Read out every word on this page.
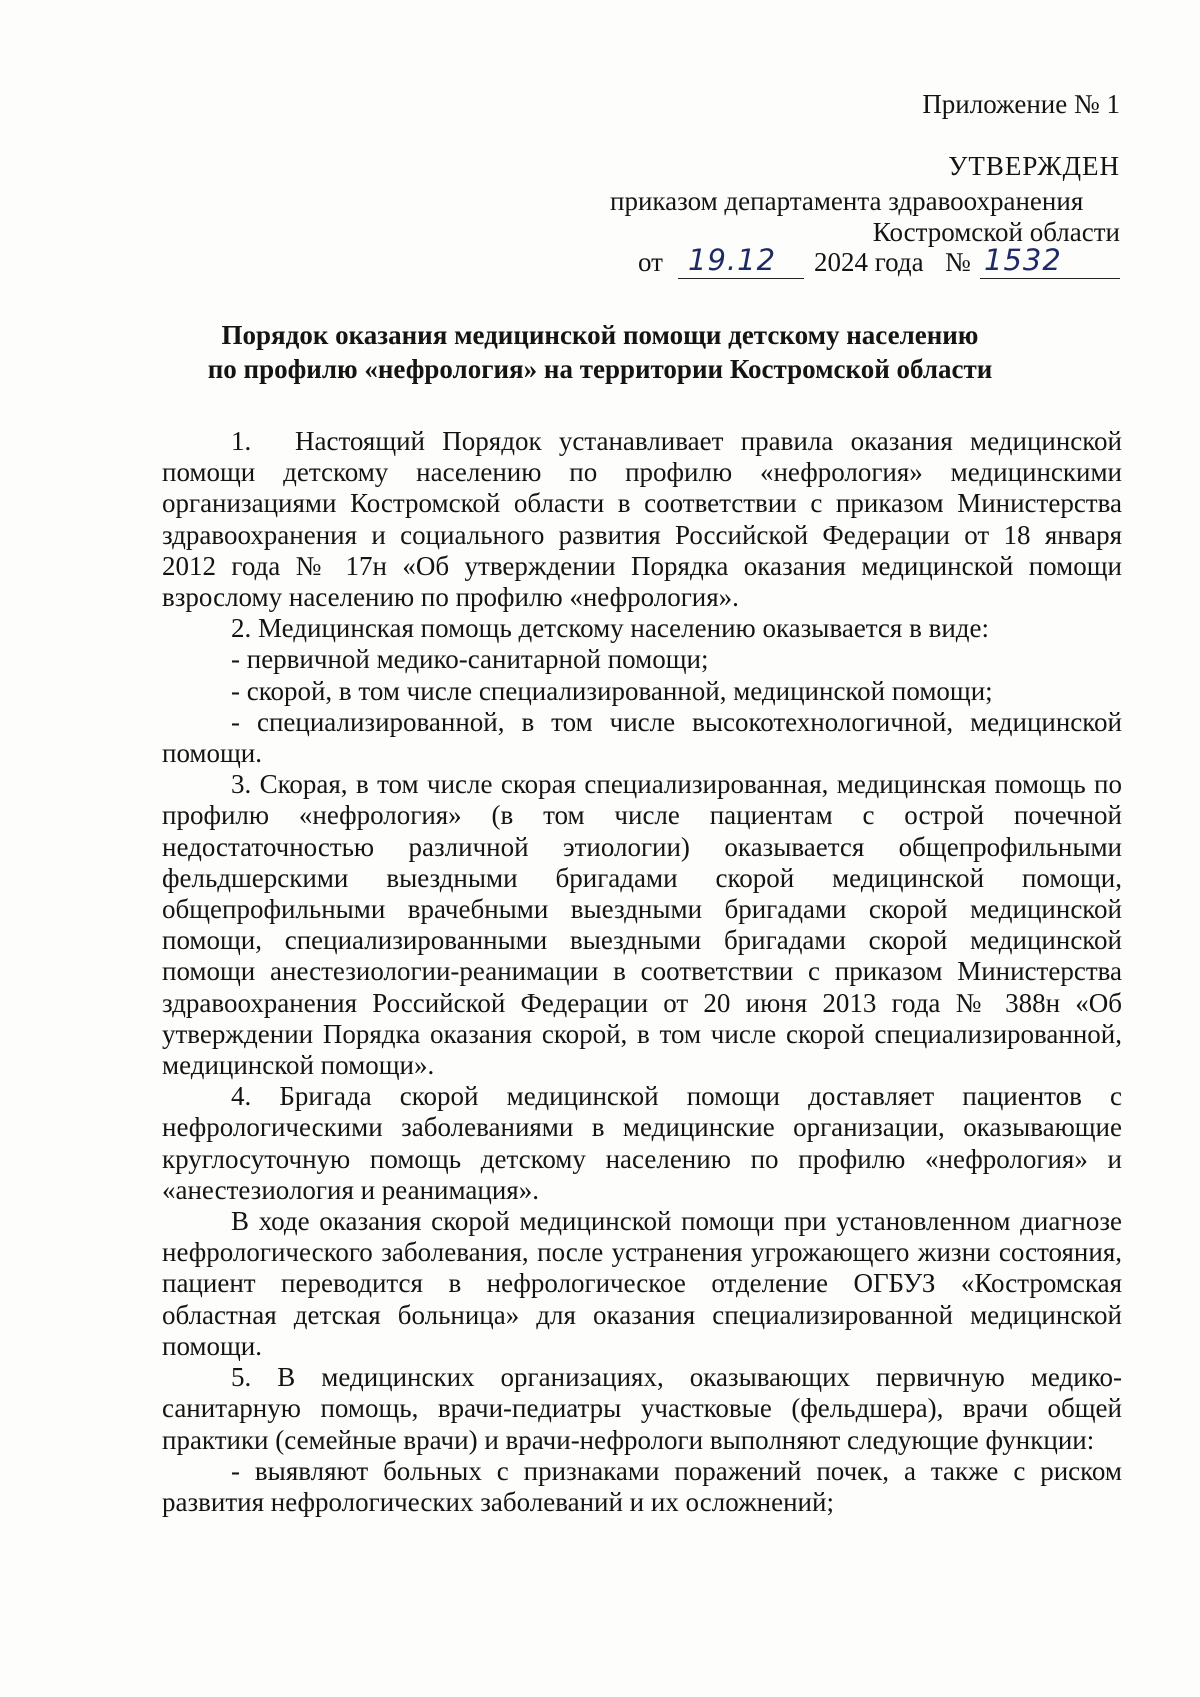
Приложение № 1
УТВЕРЖДЕН
приказом департамента здравоохранения
Костромской области
от 19.12 2024 года № 1532
Порядок оказания медицинской помощи детскому населению
по профилю «нефрология» на территории Костромской области

1. Настоящий Порядок устанавливает правила оказания медицинской помощи детскому населению по профилю «нефрология» медицинскими организациями Костромской области в соответствии с приказом Министерства здравоохранения и социального развития Российской Федерации от 18 января 2012 года № 17н «Об утверждении Порядка оказания медицинской помощи взрослому населению по профилю «нефрология».

2. Медицинская помощь детскому населению оказывается в виде:

- первичной медико-санитарной помощи;

- скорой, в том числе специализированной, медицинской помощи;

- специализированной, в том числе высокотехнологичной, медицинской помощи.

3. Скорая, в том числе скорая специализированная, медицинская помощь по профилю «нефрология» (в том числе пациентам с острой почечной недостаточностью различной этиологии) оказывается общепрофильными фельдшерскими выездными бригадами скорой медицинской помощи, общепрофильными врачебными выездными бригадами скорой медицинской помощи, специализированными выездными бригадами скорой медицинской помощи анестезиологии-реанимации в соответствии с приказом Министерства здравоохранения Российской Федерации от 20 июня 2013 года № 388н «Об утверждении Порядка оказания скорой, в том числе скорой специализированной, медицинской помощи».

4. Бригада скорой медицинской помощи доставляет пациентов с нефрологическими заболеваниями в медицинские организации, оказывающие круглосуточную помощь детскому населению по профилю «нефрология» и «анестезиология и реанимация».

В ходе оказания скорой медицинской помощи при установленном диагнозе нефрологического заболевания, после устранения угрожающего жизни состояния, пациент переводится в нефрологическое отделение ОГБУЗ «Костромская областная детская больница» для оказания специализированной медицинской помощи.

5. В медицинских организациях, оказывающих первичную медико-санитарную помощь, врачи-педиатры участковые (фельдшера), врачи общей практики (семейные врачи) и врачи-нефрологи выполняют следующие функции:

- выявляют больных с признаками поражений почек, а также с риском развития нефрологических заболеваний и их осложнений;
